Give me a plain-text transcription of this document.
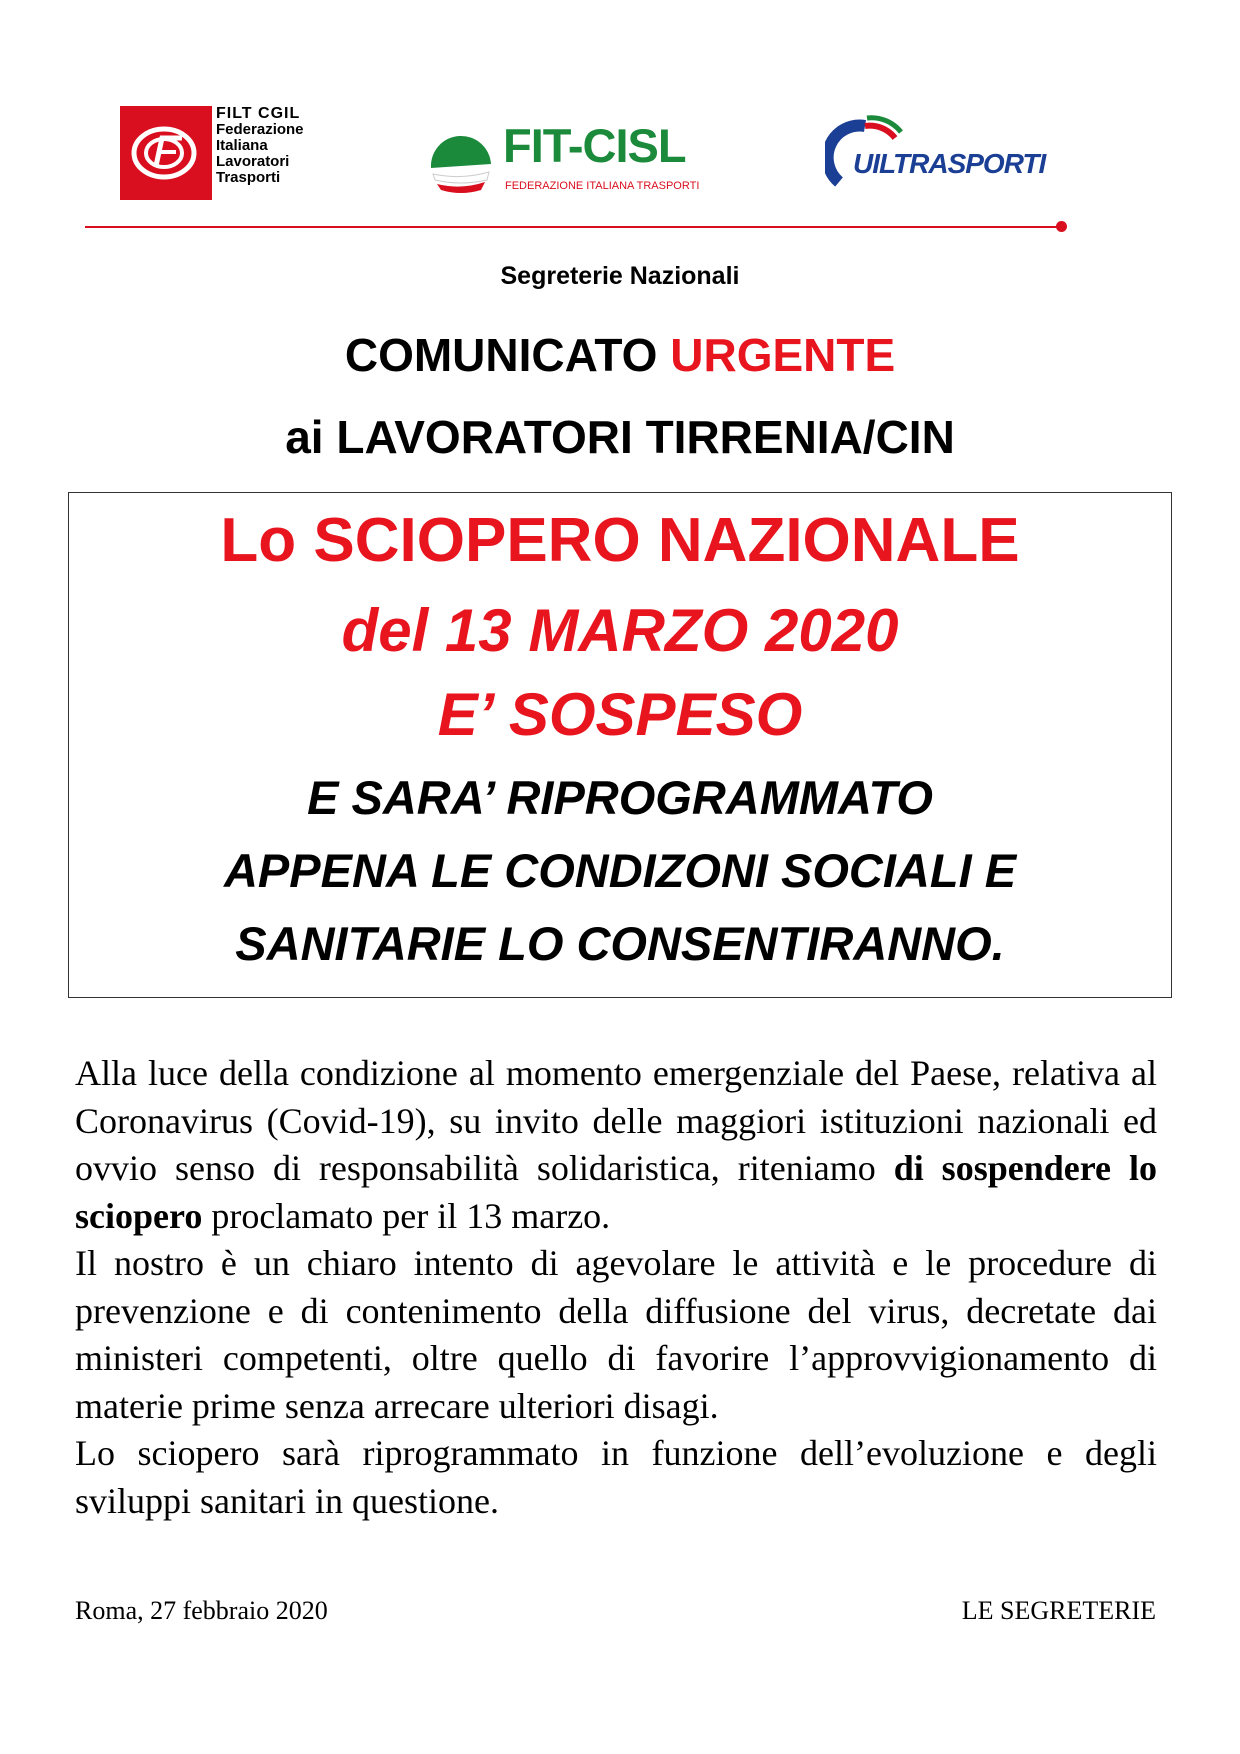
FILT CGIL
Federazione
Italiana
Lavoratori
Trasporti
FIT-CISL
FEDERAZIONE ITALIANA TRASPORTI
UILTRASPORTI
Segreterie Nazionali
COMUNICATO URGENTE
ai LAVORATORI TIRRENIA/CIN
Lo SCIOPERO NAZIONALE
del 13 MARZO 2020
E’ SOSPESO
E SARA’ RIPROGRAMMATO
APPENA LE CONDIZONI SOCIALI E
SANITARIE LO CONSENTIRANNO.

Alla luce della condizione al momento emergenziale del Paese, relativa al Coronavirus (Covid-19), su invito delle maggiori istituzioni nazionali ed ovvio senso di responsabilità solidaristica, riteniamo di sospendere lo sciopero proclamato per il 13 marzo.

Il nostro è un chiaro intento di agevolare le attività e le procedure di prevenzione e di contenimento della diffusione del virus, decretate dai ministeri competenti, oltre quello di favorire l’approvvigionamento di materie prime senza arrecare ulteriori disagi.

Lo sciopero sarà riprogrammato in funzione dell’evoluzione e degli sviluppi sanitari in questione.

Roma, 27 febbraio 2020	LE SEGRETERIE
